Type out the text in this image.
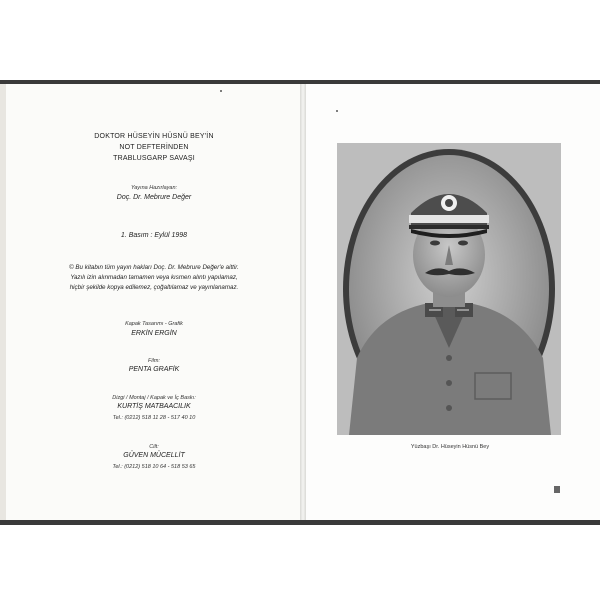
DOKTOR HÜSEYİN HÜSNÜ BEY'İN
NOT DEFTERİNDEN
TRABLUSGARP SAVAŞI
Yayına Hazırlayan:
Doç. Dr. Mebrure Değer
1. Basım : Eylül 1998
© Bu kitabın tüm yayın hakları Doç. Dr. Mebrure Değer'e aittir.
Yazılı izin alınmadan tamamen veya kısmen alıntı yapılamaz,
hiçbir şekilde kopya edilemez, çoğaltılamaz ve yayınlanamaz.
Kapak Tasarımı - Grafik
ERKİN ERGİN
Film:
PENTA GRAFİK
Dizgi / Montaj / Kapak ve İç Baskı:
KURTİŞ MATBAACILIK
Tel.: (0212) 518 11 28 - 517 40 10
Cilt:
GÜVEN MÜCELLİT
Tel.: (0212) 518 10 64 - 518 53 65
Yüzbaşı Dr. Hüseyin Hüsnü Bey
